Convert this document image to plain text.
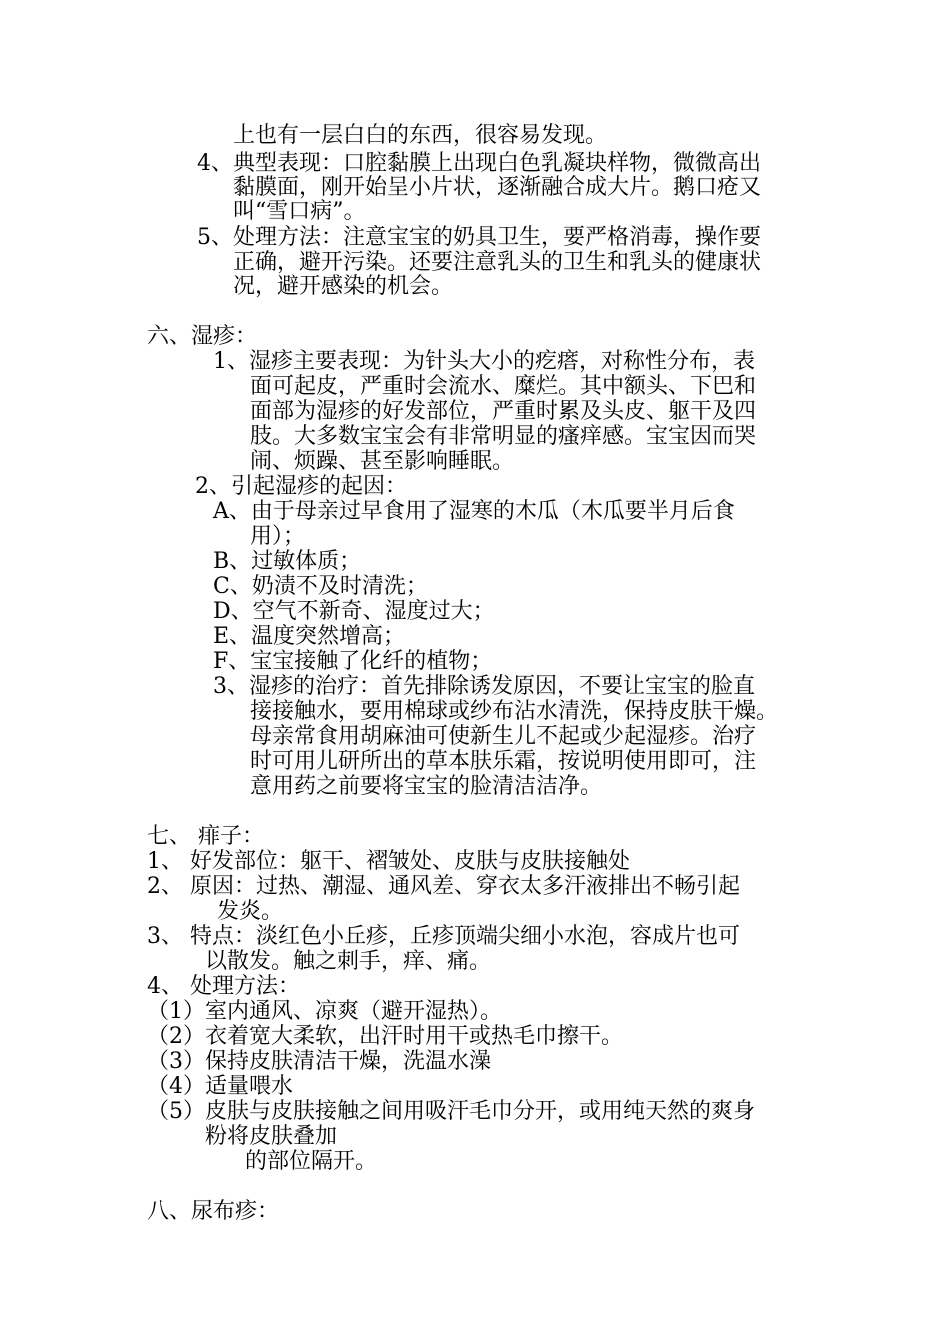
上也有一层白白的东西，很容易发现。
4、典型表现：口腔黏膜上出现白色乳凝块样物，微微高出
黏膜面，刚开始呈小片状，逐渐融合成大片。鹅口疮又
叫“雪口病”。
5、处理方法：注意宝宝的奶具卫生，要严格消毒，操作要
正确，避开污染。还要注意乳头的卫生和乳头的健康状
况，避开感染的机会。
六、湿疹：
1、湿疹主要表现：为针头大小的疙瘩，对称性分布，表
面可起皮，严重时会流水、糜烂。其中额头、下巴和
面部为湿疹的好发部位，严重时累及头皮、躯干及四
肢。大多数宝宝会有非常明显的瘙痒感。宝宝因而哭
闹、烦躁、甚至影响睡眠。
2、引起湿疹的起因：
A、由于母亲过早食用了湿寒的木瓜（木瓜要半月后食
用）；
B、过敏体质；
C、奶渍不及时清洗；
D、空气不新奇、湿度过大；
E、温度突然增高；
F、宝宝接触了化纤的植物；
3、湿疹的治疗：首先排除诱发原因，不要让宝宝的脸直
接接触水，要用棉球或纱布沾水清洗，保持皮肤干燥。
母亲常食用胡麻油可使新生儿不起或少起湿疹。治疗
时可用儿研所出的草本肤乐霜，按说明使用即可，注
意用药之前要将宝宝的脸清洁洁净。
七、 痱子：
1、 好发部位：躯干、褶皱处、皮肤与皮肤接触处
2、 原因：过热、潮湿、通风差、穿衣太多汗液排出不畅引起
发炎。
3、 特点：淡红色小丘疹，丘疹顶端尖细小水泡，容成片也可
以散发。触之刺手，痒、痛。
4、 处理方法：
（1）室内通风、凉爽（避开湿热）。
（2）衣着宽大柔软，出汗时用干或热毛巾擦干。
（3）保持皮肤清洁干燥，洗温水澡
（4）适量喂水
（5）皮肤与皮肤接触之间用吸汗毛巾分开，或用纯天然的爽身
粉将皮肤叠加
的部位隔开。
八、尿布疹：
